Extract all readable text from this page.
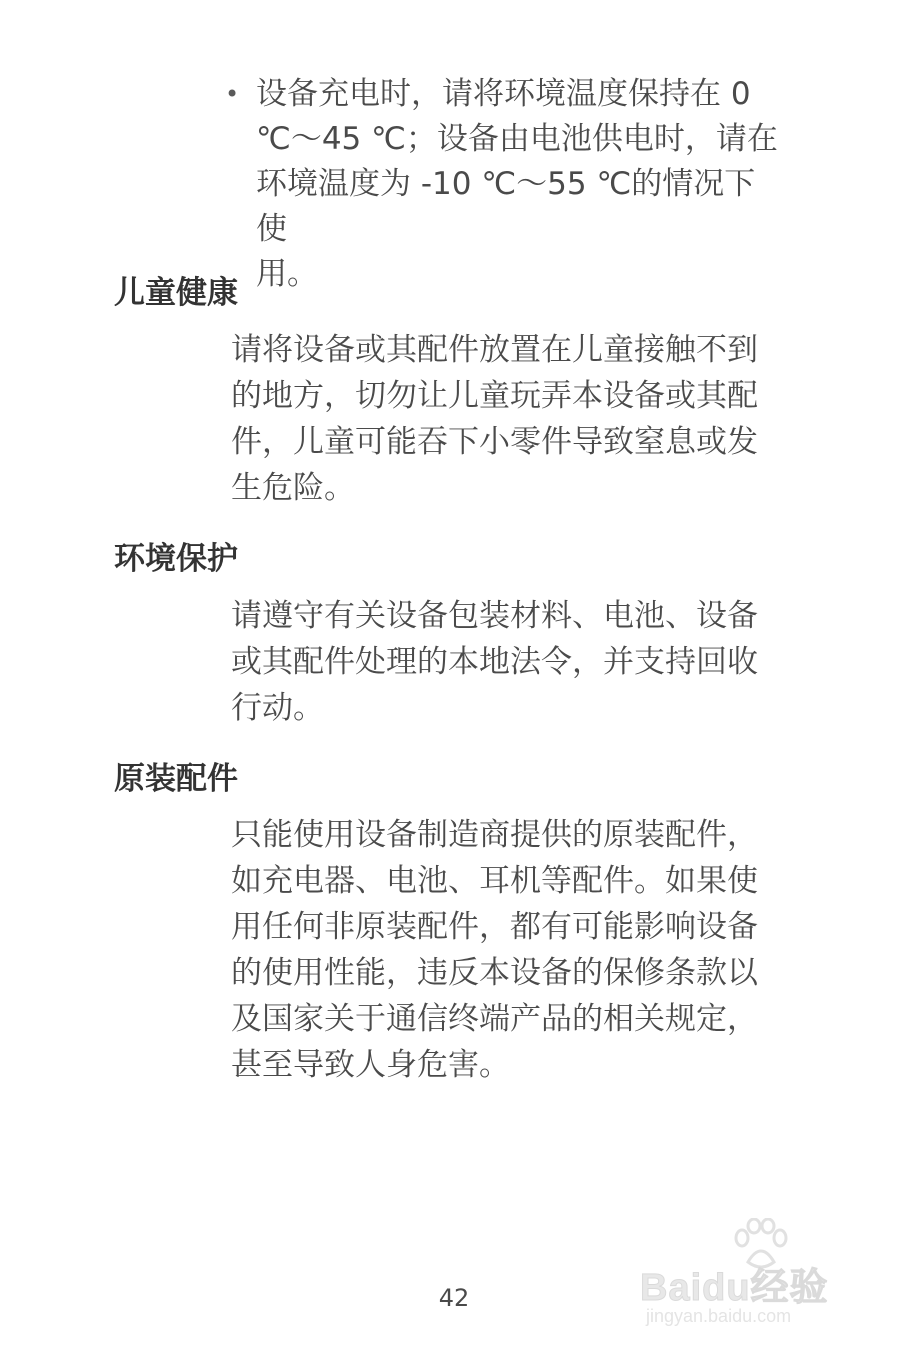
• 设备充电时，请将环境温度保持在 0
℃～45 ℃；设备由电池供电时，请在
环境温度为 -10 ℃～55 ℃的情况下使
用。
儿童健康
请将设备或其配件放置在儿童接触不到
的地方，切勿让儿童玩弄本设备或其配
件，儿童可能吞下小零件导致窒息或发
生危险。
环境保护
请遵守有关设备包装材料、电池、设备
或其配件处理的本地法令，并支持回收
行动。
原装配件
只能使用设备制造商提供的原装配件，
如充电器、电池、耳机等配件。如果使
用任何非原装配件，都有可能影响设备
的使用性能，违反本设备的保修条款以
及国家关于通信终端产品的相关规定，
甚至导致人身危害。
42	Baidu经验
jingyan.baidu.com
